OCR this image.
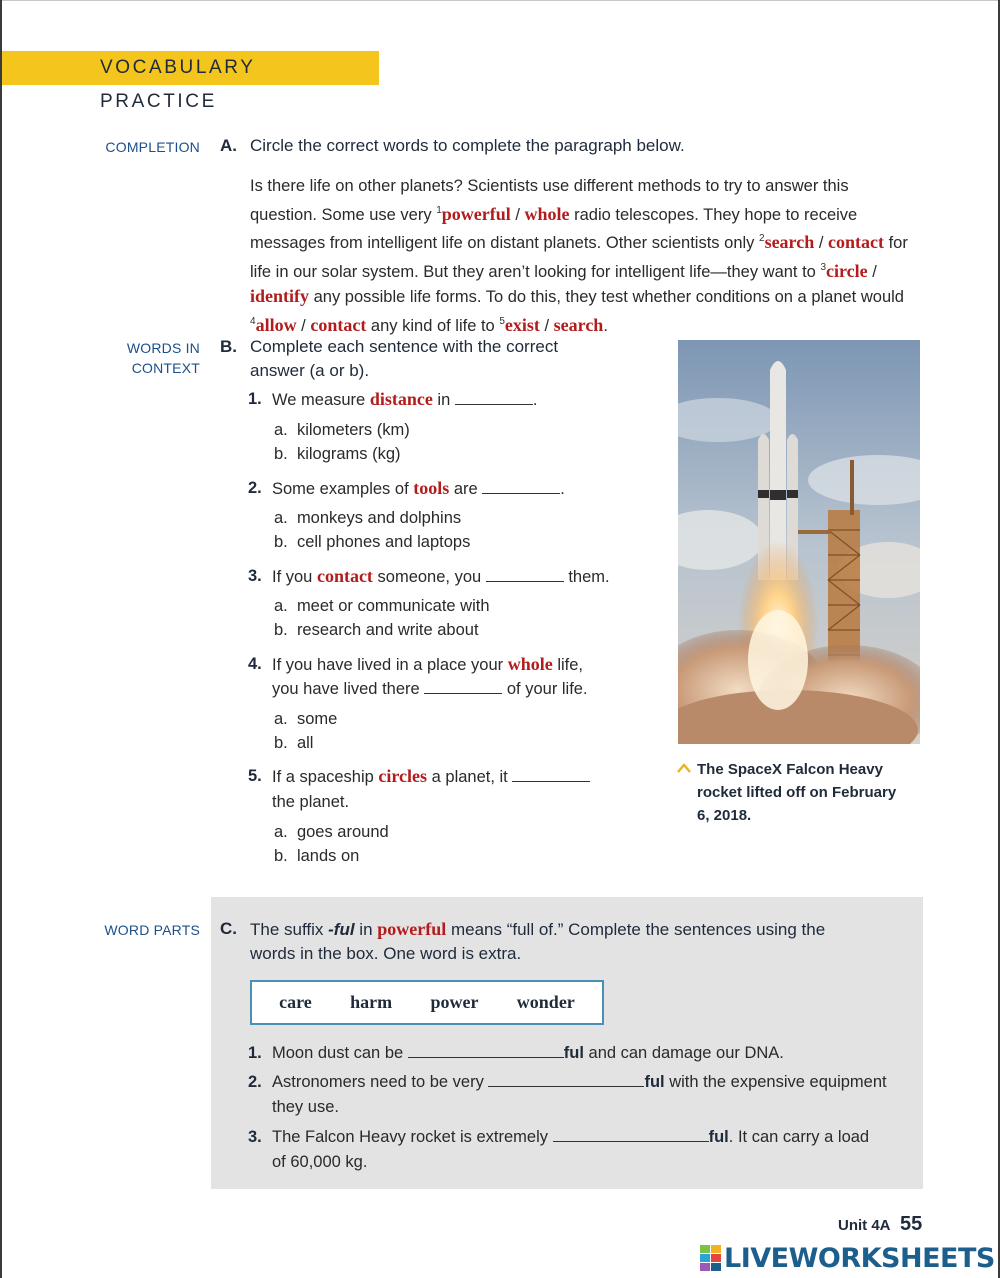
VOCABULARY PRACTICE
COMPLETION A. Circle the correct words to complete the paragraph below.
Is there life on other planets? Scientists use different methods to try to answer this question. Some use very $^1$powerful / whole radio telescopes. They hope to receive messages from intelligent life on distant planets. Other scientists only $^2$search / contact for life in our solar system. But they aren’t looking for intelligent life—they want to $^3$circle / identify any possible life forms. To do this, they test whether conditions on a planet would $^4$allow / contact any kind of life to $^5$exist / search.
WORDS IN
CONTEXT
B. Complete each sentence with the correct
answer (a or b).
1. We measure distance in	.
a. kilometers (km)
b. kilograms (kg)
2. Some examples of tools are	.
a. monkeys and dolphins
b. cell phones and laptops
3. If you contact someone, you	them.
a. meet or communicate with
b. research and write about
4. If you have lived in a place your whole life,
you have lived there	of your life.
a. some
b. all
5. If a spaceship circles a planet, it
the planet.
a. goes around
b. lands on
The SpaceX Falcon Heavy rocket lifted off on February 6, 2018.
WORD PARTS C. The suffix -ful in powerful means “full of.” Complete the sentences using the
words in the box. One word is extra.
care harm power wonder
1. Moon dust can be	ful and can damage our DNA.
2. Astronomers need to be very	ful with the expensive equipment
they use.
3. The Falcon Heavy rocket is extremely	ful. It can carry a load
of 60,000 kg.
Unit 4A 55
LIVEWORKSHEETS
